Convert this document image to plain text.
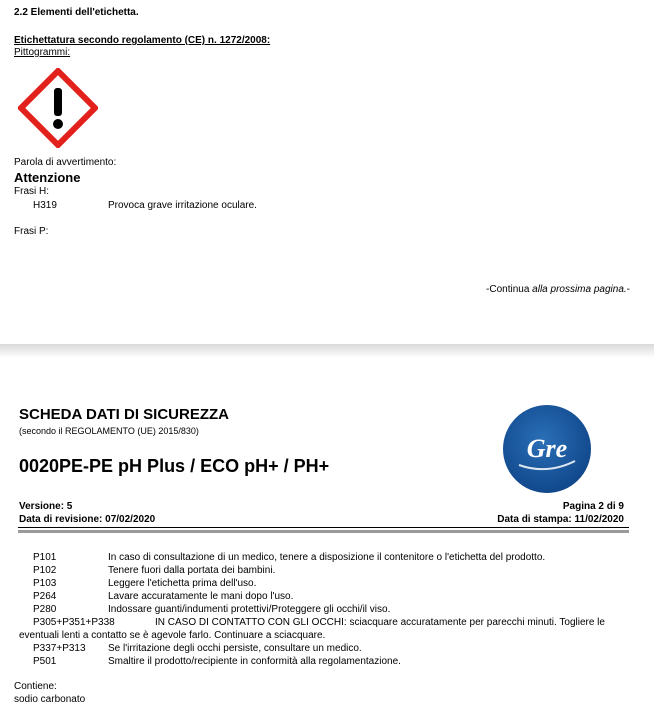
2.2 Elementi dell'etichetta.
Etichettatura secondo regolamento (CE) n. 1272/2008:
Pittogrammi:
Parola di avvertimento:
Attenzione
Frasi H:
H319	Provoca grave irritazione oculare.
Frasi P:
-Continua alla prossima pagina.-
SCHEDA DATI DI SICUREZZA
(secondo il REGOLAMENTO (UE) 2015/830)
0020PE-PE pH Plus / ECO pH+ / PH+
Gre
Versione: 5
Data di revisione: 07/02/2020
Pagina 2 di 9
Data di stampa: 11/02/2020
P101	In caso di consultazione di un medico, tenere a disposizione il contenitore o l'etichetta del prodotto.
P102	Tenere fuori dalla portata dei bambini.
P103	Leggere l'etichetta prima dell'uso.
P264	Lavare accuratamente le mani dopo l'uso.
P280	Indossare guanti/indumenti protettivi/Proteggere gli occhi/il viso.
P305+P351+P338	IN CASO DI CONTATTO CON GLI OCCHI: sciacquare accuratamente per parecchi minuti. Togliere le
eventuali lenti a contatto se è agevole farlo. Continuare a sciacquare.
P337+P313 Se l'irritazione degli occhi persiste, consultare un medico.
P501	Smaltire il prodotto/recipiente in conformità alla regolamentazione.
Contiene:
sodio carbonato
